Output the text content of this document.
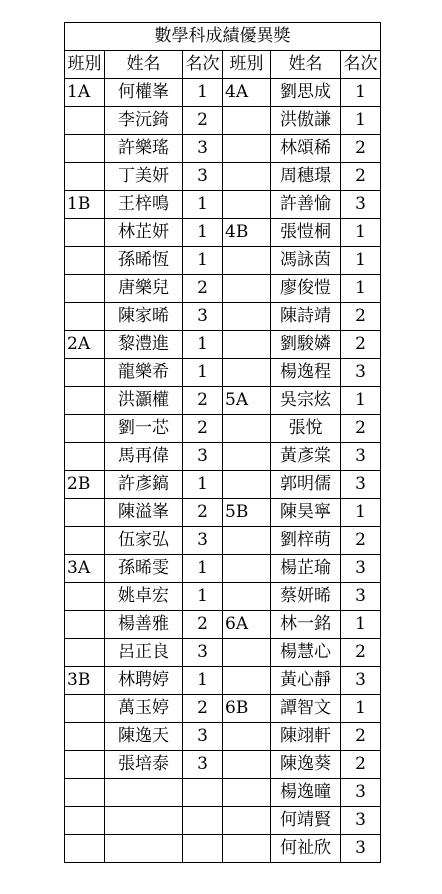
數學科成績優異獎					
班別	姓名	名次	班別	姓名	名次
1A	何權峯	1	4A	劉思成	1
	李沅錡	2		洪傲謙	1
	許樂瑤	3		林頌稀	2
	丁美妍	3		周穗璟	2
1B	王梓鳴	1		許善愉	3
	林芷妍	1	4B	張愷桐	1
	孫晞恆	1		馮詠茵	1
	唐樂兒	2		廖俊愷	1
	陳家晞	3		陳詩靖	2
2A	黎澧進	1		劉駿嫾	2
	龍樂希	1		楊逸程	3
	洪灝權	2	5A	吳宗炫	1
	劉一芯	2		張悅	2
	馬再偉	3		黃彥棠	3
2B	許彥鎬	1		郭明儒	3
	陳溢峯	2	5B	陳昊寧	1
	伍家弘	3		劉梓萌	2
3A	孫晞雯	1		楊芷瑜	3
	姚卓宏	1		蔡妍晞	3
	楊善雅	2	6A	林一銘	1
	呂正良	3		楊慧心	2
3B	林聘婷	1		黃心靜	3
	萬玉婷	2	6B	譚智文	1
	陳逸天	3		陳翊軒	2
	張培泰	3		陳逸葵	2
				楊逸曈	3
				何靖賢	3
				何祉欣	3
